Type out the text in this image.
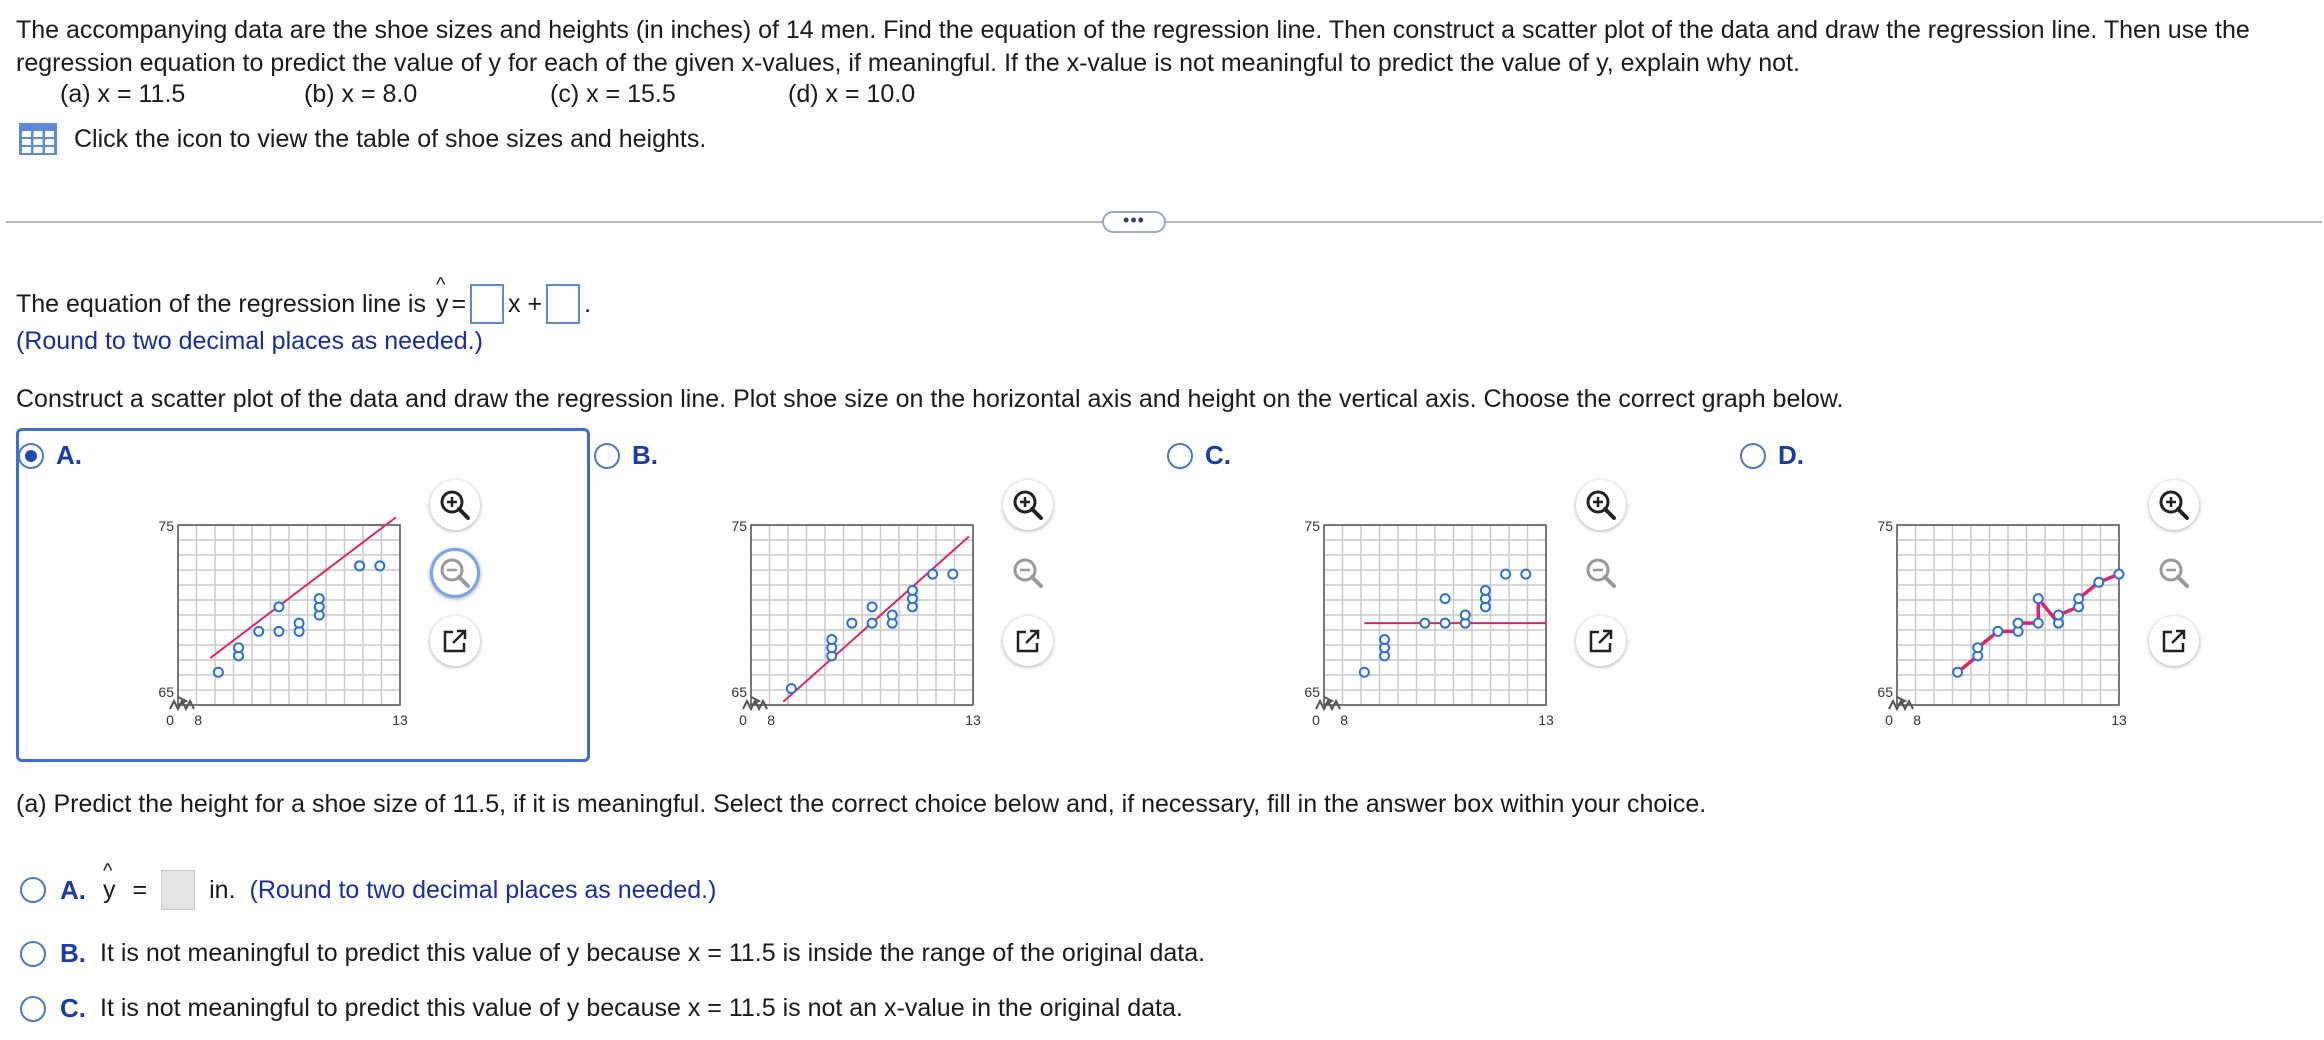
The accompanying data are the shoe sizes and heights (in inches) of 14 men. Find the equation of the regression line. Then construct a scatter plot of the data and draw the regression line. Then use the regression equation to predict the value of y for each of the given x-values, if meaningful. If the x-value is not meaningful to predict the value of y, explain why not.
(a) x = 11.5	(b) x = 8.0	(c) x = 15.5	(d) x = 10.0
Click the icon to view the table of shoe sizes and heights.
•••
The equation of the regression line is
^ y = x + .
(Round to two decimal places as needed.)
Construct a scatter plot of the data and draw the regression line. Plot shoe size on the horizontal axis and height on the vertical axis. Choose the correct graph below.
A.	B.	C.	D.
75
65
0 8	13
75
65
0 8	13
75
65
0 8	13
75
65
0 8	13
(a) Predict the height for a shoe size of 11.5, if it is meaningful. Select the correct choice below and, if necessary, fill in the answer box within your choice.
A. ^ y = in. (Round to two decimal places as needed.)
B. It is not meaningful to predict this value of y because x = 11.5 is inside the range of the original data.
C. It is not meaningful to predict this value of y because x = 11.5 is not an x-value in the original data.
